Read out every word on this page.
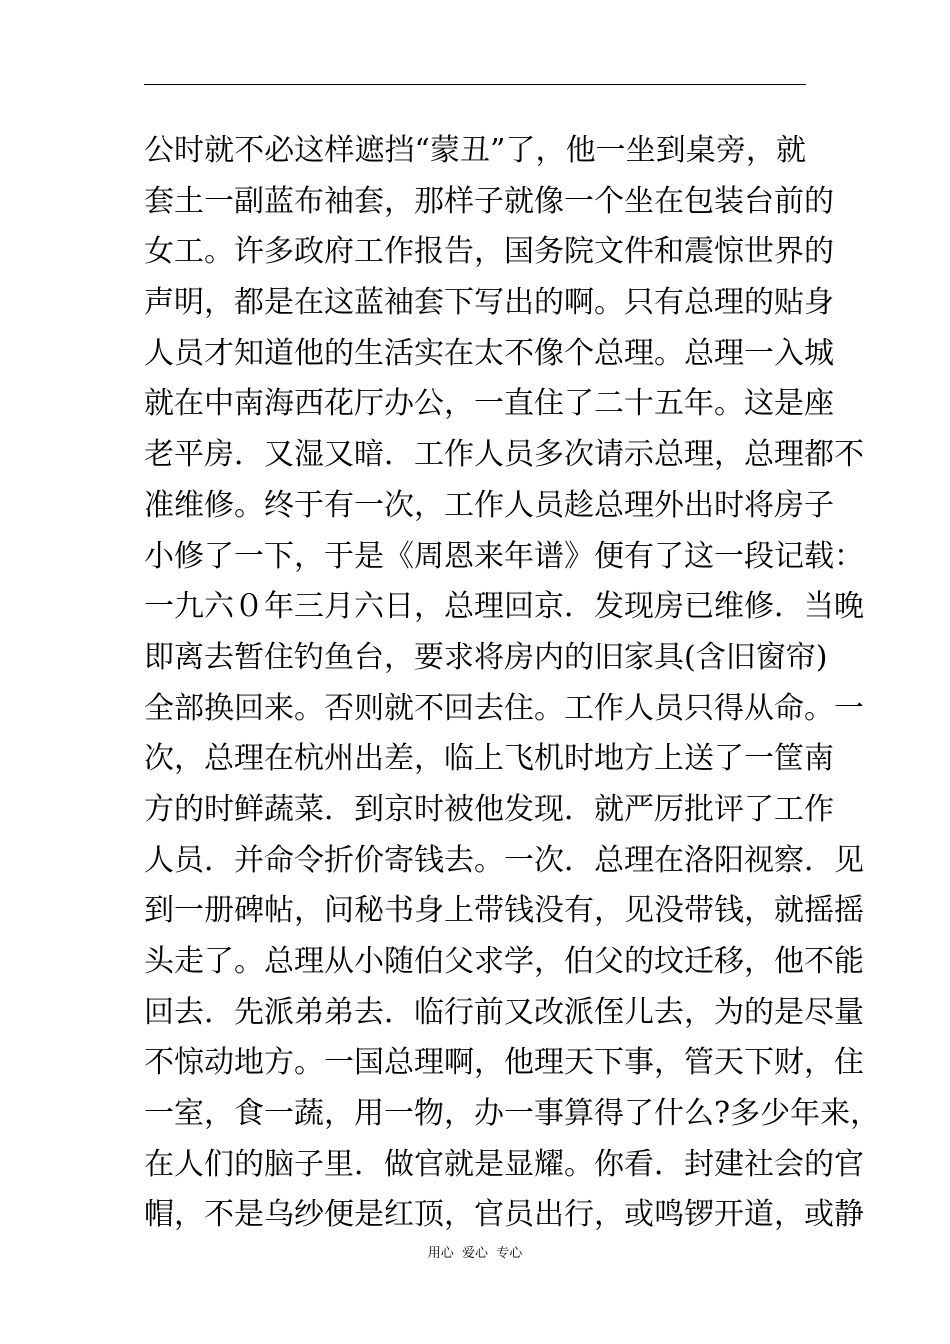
公时就不必这样遮挡“蒙丑”了，他一坐到桌旁，就
套土一副蓝布袖套，那样子就像一个坐在包装台前的
女工。许多政府工作报告，国务院文件和震惊世界的
声明，都是在这蓝袖套下写出的啊。只有总理的贴身
人员才知道他的生活实在太不像个总理。总理一入城
就在中南海西花厅办公，一直住了二十五年。这是座
老平房．又湿又暗．工作人员多次请示总理，总理都不
准维修。终于有一次，工作人员趁总理外出时将房子
小修了一下，于是《周恩来年谱》便有了这一段记载：
一九六０年三月六日，总理回京．发现房已维修．当晚
即离去暂住钓鱼台，要求将房内的旧家具(含旧窗帘)
全部换回来。否则就不回去住。工作人员只得从命。一
次，总理在杭州出差，临上飞机时地方上送了一筐南
方的时鲜蔬菜．到京时被他发现．就严厉批评了工作
人员．并命令折价寄钱去。一次．总理在洛阳视察．见
到一册碑帖，问秘书身上带钱没有，见没带钱，就摇摇
头走了。总理从小随伯父求学，伯父的坟迁移，他不能
回去．先派弟弟去．临行前又改派侄儿去，为的是尽量
不惊动地方。一国总理啊，他理天下事，管天下财，住
一室，食一蔬，用一物，办一事算得了什么?多少年来，
在人们的脑子里．做官就是显耀。你看．封建社会的官
帽，不是乌纱便是红顶，官员出行，或鸣锣开道，或静
用心  爱心  专心
